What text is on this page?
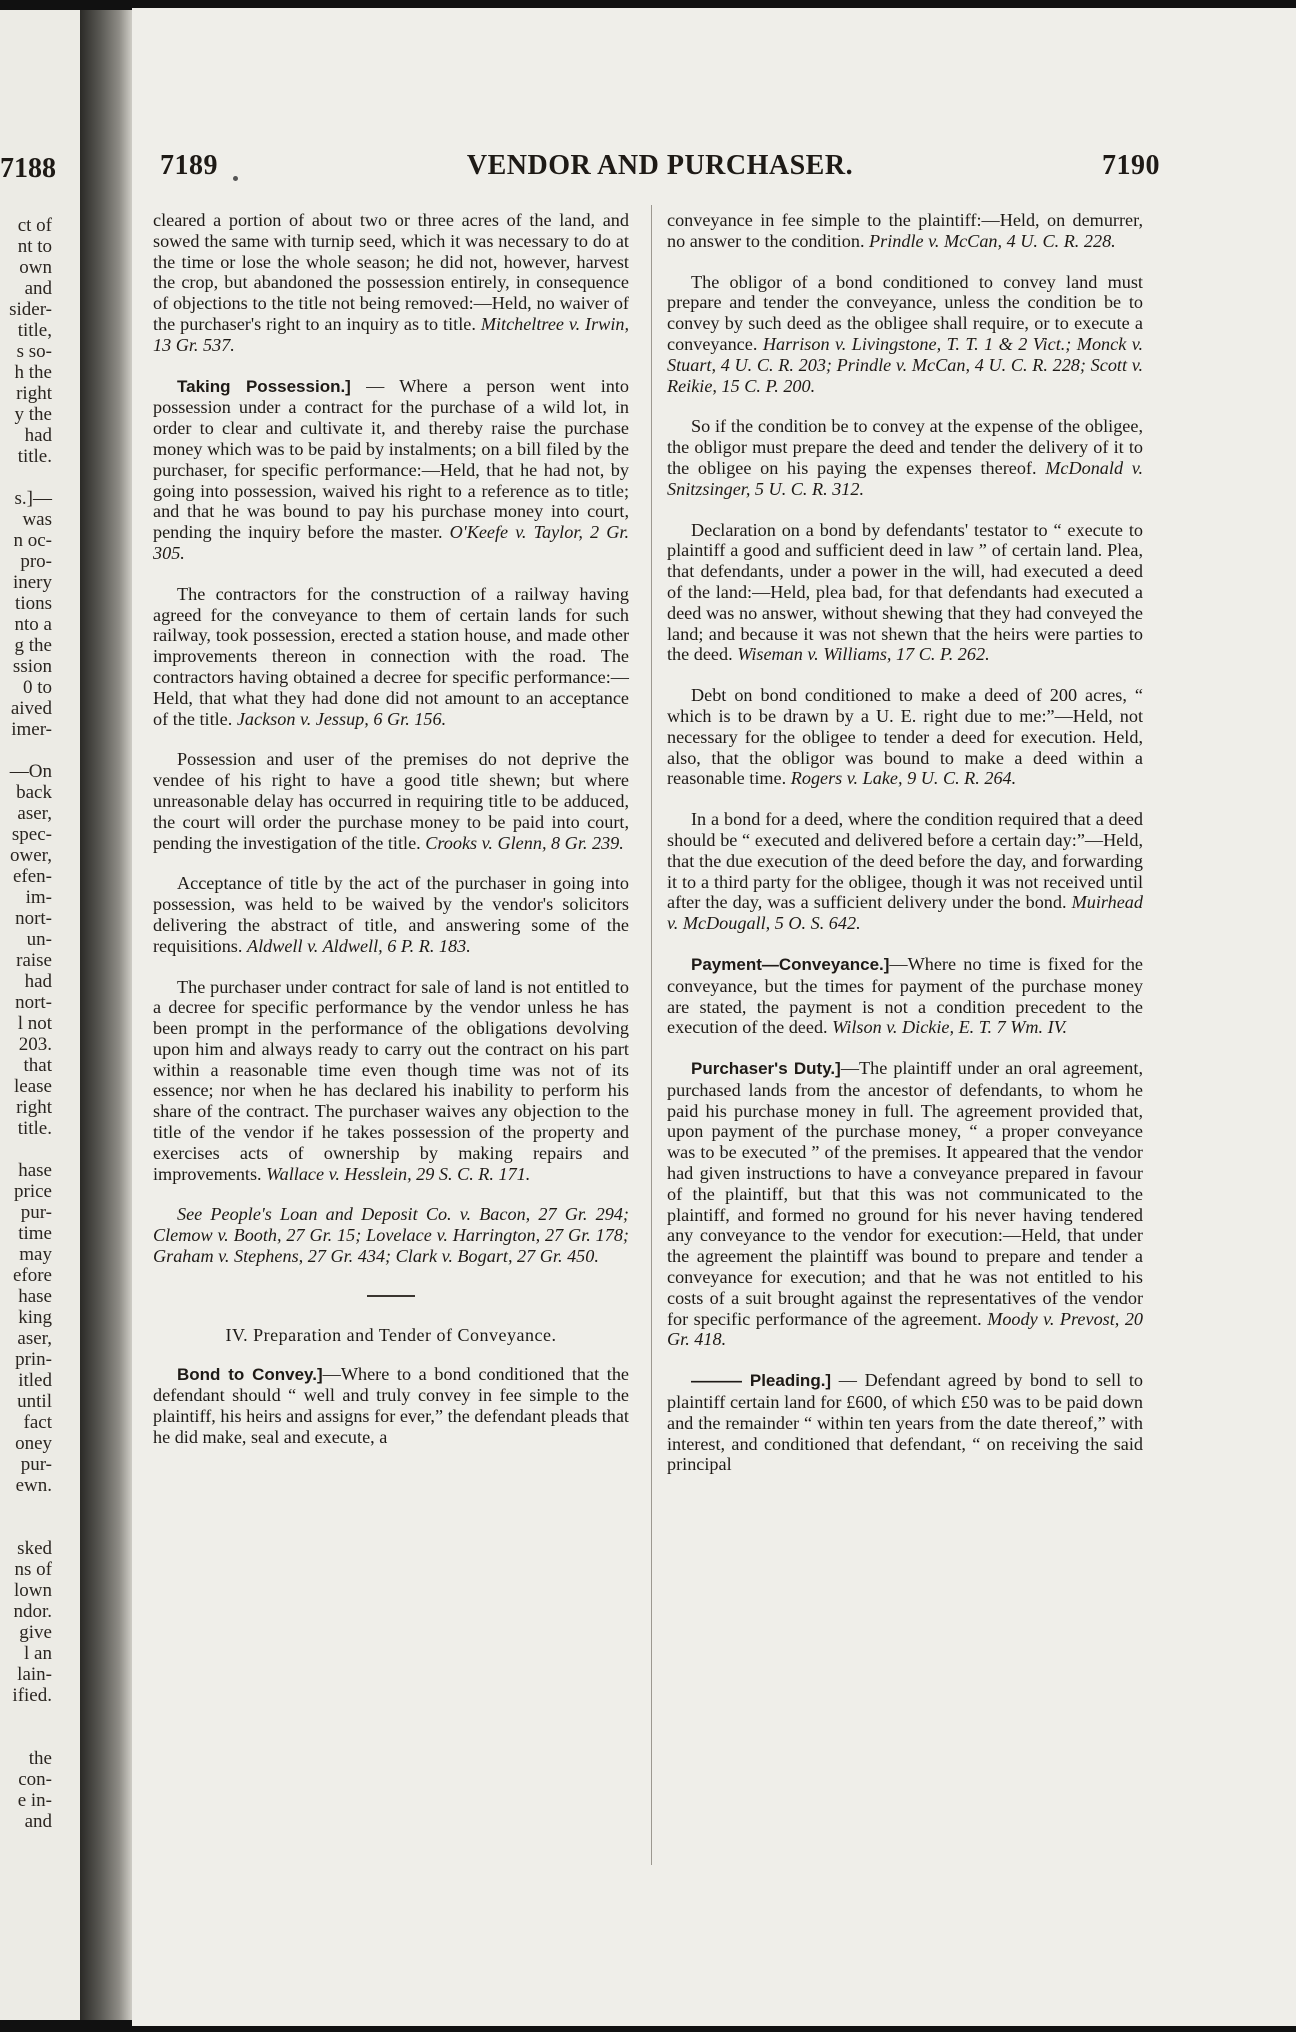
7188
ct of
nt to
own
and
sider-
title,
s so-
h the
right
y the
had
title.
s.]—
was
n oc-
pro-
inery
tions
nto a
g the
ssion
0 to
aived
imer-
—On
back
aser,
spec-
ower,
efen-
im-
nort-
un-
raise
had
nort-
l not
203.
that
lease
right
title.
hase
price
pur-
time
may
efore
hase
king
aser,
prin-
itled
until
fact
oney
pur-
ewn.
sked
ns of
lown
ndor.
give
l an
lain-
ified.
the
con-
e in-
and
7189	VENDOR AND PURCHASER.	7190

cleared a portion of about two or three acres of the land, and sowed the same with turnip seed, which it was necessary to do at the time or lose the whole season; he did not, however, harvest the crop, but abandoned the possession entirely, in consequence of objections to the title not being removed:—Held, no waiver of the purchaser's right to an inquiry as to title. Mitcheltree v. Irwin, 13 Gr. 537.

Taking Possession.] — Where a person went into possession under a contract for the purchase of a wild lot, in order to clear and cultivate it, and thereby raise the purchase money which was to be paid by instalments; on a bill filed by the purchaser, for specific performance:—Held, that he had not, by going into possession, waived his right to a reference as to title; and that he was bound to pay his purchase money into court, pending the inquiry before the master. O'Keefe v. Taylor, 2 Gr. 305.

The contractors for the construction of a railway having agreed for the conveyance to them of certain lands for such railway, took possession, erected a station house, and made other improvements thereon in connection with the road. The contractors having obtained a decree for specific performance:—Held, that what they had done did not amount to an acceptance of the title. Jackson v. Jessup, 6 Gr. 156.

Possession and user of the premises do not deprive the vendee of his right to have a good title shewn; but where unreasonable delay has occurred in requiring title to be adduced, the court will order the purchase money to be paid into court, pending the investigation of the title. Crooks v. Glenn, 8 Gr. 239.

Acceptance of title by the act of the purchaser in going into possession, was held to be waived by the vendor's solicitors delivering the abstract of title, and answering some of the requisitions. Aldwell v. Aldwell, 6 P. R. 183.

The purchaser under contract for sale of land is not entitled to a decree for specific performance by the vendor unless he has been prompt in the performance of the obligations devolving upon him and always ready to carry out the contract on his part within a reasonable time even though time was not of its essence; nor when he has declared his inability to perform his share of the contract. The purchaser waives any objection to the title of the vendor if he takes possession of the property and exercises acts of ownership by making repairs and improvements. Wallace v. Hesslein, 29 S. C. R. 171.

See People's Loan and Deposit Co. v. Bacon, 27 Gr. 294; Clemow v. Booth, 27 Gr. 15; Lovelace v. Harrington, 27 Gr. 178; Graham v. Stephens, 27 Gr. 434; Clark v. Bogart, 27 Gr. 450.

IV. Preparation and Tender of Conveyance.

Bond to Convey.]—Where to a bond conditioned that the defendant should “ well and truly convey in fee simple to the plaintiff, his heirs and assigns for ever,” the defendant pleads that he did make, seal and execute, a

conveyance in fee simple to the plaintiff:—Held, on demurrer, no answer to the condition. Prindle v. McCan, 4 U. C. R. 228.

The obligor of a bond conditioned to convey land must prepare and tender the conveyance, unless the condition be to convey by such deed as the obligee shall require, or to execute a conveyance. Harrison v. Livingstone, T. T. 1 & 2 Vict.; Monck v. Stuart, 4 U. C. R. 203; Prindle v. McCan, 4 U. C. R. 228; Scott v. Reikie, 15 C. P. 200.

So if the condition be to convey at the expense of the obligee, the obligor must prepare the deed and tender the delivery of it to the obligee on his paying the expenses thereof. McDonald v. Snitzsinger, 5 U. C. R. 312.

Declaration on a bond by defendants' testator to “ execute to plaintiff a good and sufficient deed in law ” of certain land. Plea, that defendants, under a power in the will, had executed a deed of the land:—Held, plea bad, for that defendants had executed a deed was no answer, without shewing that they had conveyed the land; and because it was not shewn that the heirs were parties to the deed. Wiseman v. Williams, 17 C. P. 262.

Debt on bond conditioned to make a deed of 200 acres, “ which is to be drawn by a U. E. right due to me:”—Held, not necessary for the obligee to tender a deed for execution. Held, also, that the obligor was bound to make a deed within a reasonable time. Rogers v. Lake, 9 U. C. R. 264.

In a bond for a deed, where the condition required that a deed should be “ executed and delivered before a certain day:”—Held, that the due execution of the deed before the day, and forwarding it to a third party for the obligee, though it was not received until after the day, was a sufficient delivery under the bond. Muirhead v. McDougall, 5 O. S. 642.

Payment—Conveyance.]—Where no time is fixed for the conveyance, but the times for payment of the purchase money are stated, the payment is not a condition precedent to the execution of the deed. Wilson v. Dickie, E. T. 7 Wm. IV.

Purchaser's Duty.]—The plaintiff under an oral agreement, purchased lands from the ancestor of defendants, to whom he paid his purchase money in full. The agreement provided that, upon payment of the purchase money, “ a proper conveyance was to be executed ” of the premises. It appeared that the vendor had given instructions to have a conveyance prepared in favour of the plaintiff, but that this was not communicated to the plaintiff, and formed no ground for his never having tendered any conveyance to the vendor for execution:—Held, that under the agreement the plaintiff was bound to prepare and tender a conveyance for execution; and that he was not entitled to his costs of a suit brought against the representatives of the vendor for specific performance of the agreement. Moody v. Prevost, 20 Gr. 418.

——— Pleading.] — Defendant agreed by bond to sell to plaintiff certain land for £600, of which £50 was to be paid down and the remainder “ within ten years from the date thereof,” with interest, and conditioned that defendant, “ on receiving the said principal
